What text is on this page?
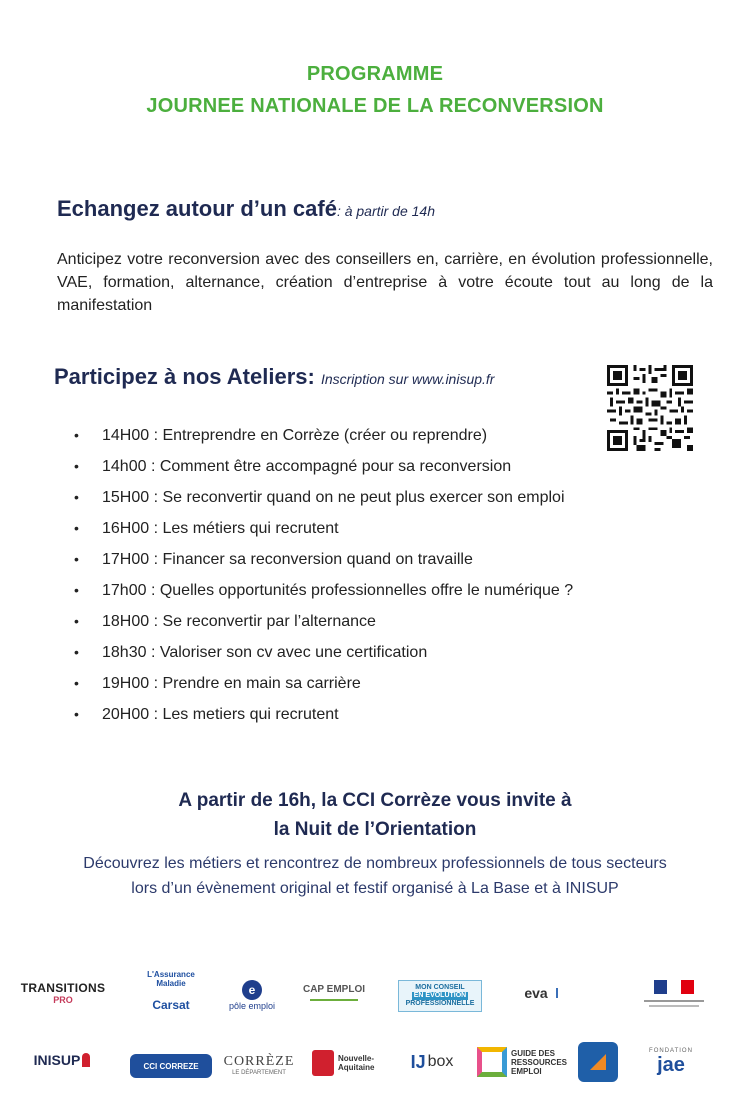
PROGRAMME
JOURNEE NATIONALE DE LA RECONVERSION
Echangez autour d’un café: à partir de 14h
Anticipez votre reconversion avec des conseillers en, carrière, en évolution professionnelle, VAE, formation, alternance, création d’entreprise à votre écoute tout au long de la manifestation
Participez à nos Ateliers: Inscription sur www.inisup.fr
• 14H00 : Entreprendre en Corrèze (créer ou reprendre)
• 14h00 : Comment être accompagné pour sa reconversion
• 15H00 : Se reconvertir quand on ne peut plus exercer son emploi
• 16H00 : Les métiers qui recrutent
• 17H00 : Financer sa reconversion quand on travaille
• 17h00 : Quelles opportunités professionnelles offre le numérique ?
• 18H00 : Se reconvertir par l’alternance
• 18h30 : Valoriser son cv avec une certification
• 19H00 : Prendre en main sa carrière
• 20H00 : Les metiers qui recrutent
A partir de 16h, la CCI Corrèze vous invite à
la Nuit de l’Orientation
Découvrez les métiers et rencontrez de nombreux professionnels de tous secteurs
lors d’un évènement original et festif organisé à La Base et à INISUP
TRANSITIONS
PRO
L'Assurance Maladie
Carsat
e
pôle emploi
CAP EMPLOI	MON CONSEIL
EN ÉVOLUTION
PROFESSIONNELLE
eva
INISUP	CCI CORREZE CORRÈZE
LE DÉPARTEMENT
Nouvelle-Aquitaine	IJ box	GUIDE DES
RESSOURCES
EMPLOI
FONDATION
jae
